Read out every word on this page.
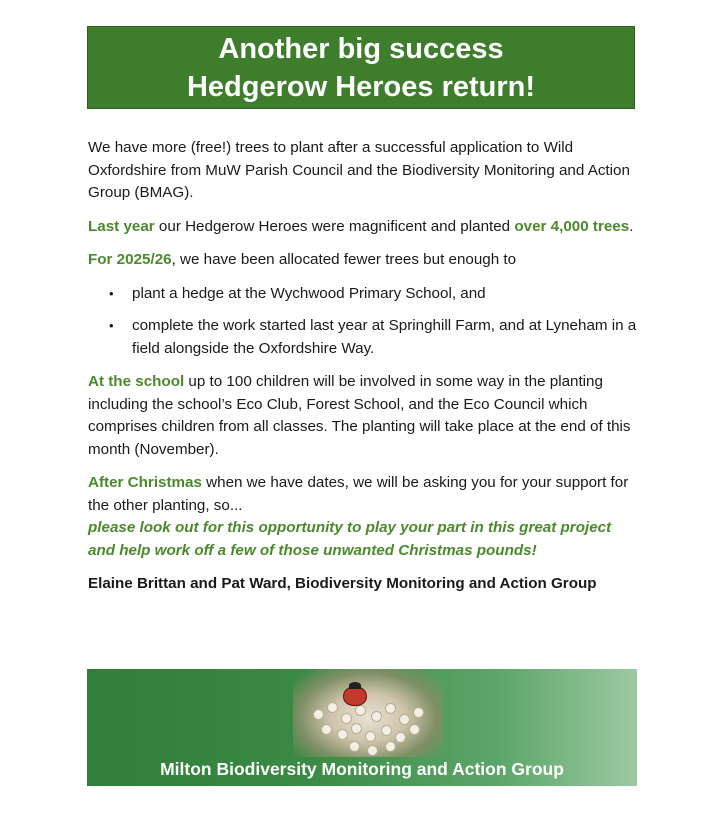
Another big success
Hedgerow Heroes return!

We have more (free!) trees to plant after a successful application to Wild Oxfordshire from MuW Parish Council and the Biodiversity Monitoring and Action Group (BMAG).

Last year our Hedgerow Heroes were magnificent and planted over 4,000 trees.

For 2025/26, we have been allocated fewer trees but enough to

• plant a hedge at the Wychwood Primary School, and
• complete the work started last year at Springhill Farm, and at Lyneham in a field alongside the Oxfordshire Way.

At the school up to 100 children will be involved in some way in the planting including the school’s Eco Club, Forest School, and the Eco Council which comprises children from all classes. The planting will take place at the end of this month (November).

After Christmas when we have dates, we will be asking you for your support for the other planting, so...

please look out for this opportunity to play your part in this great project and help work off a few of those unwanted Christmas pounds!

Elaine Brittan and Pat Ward, Biodiversity Monitoring and Action Group

Milton Biodiversity Monitoring and Action Group
